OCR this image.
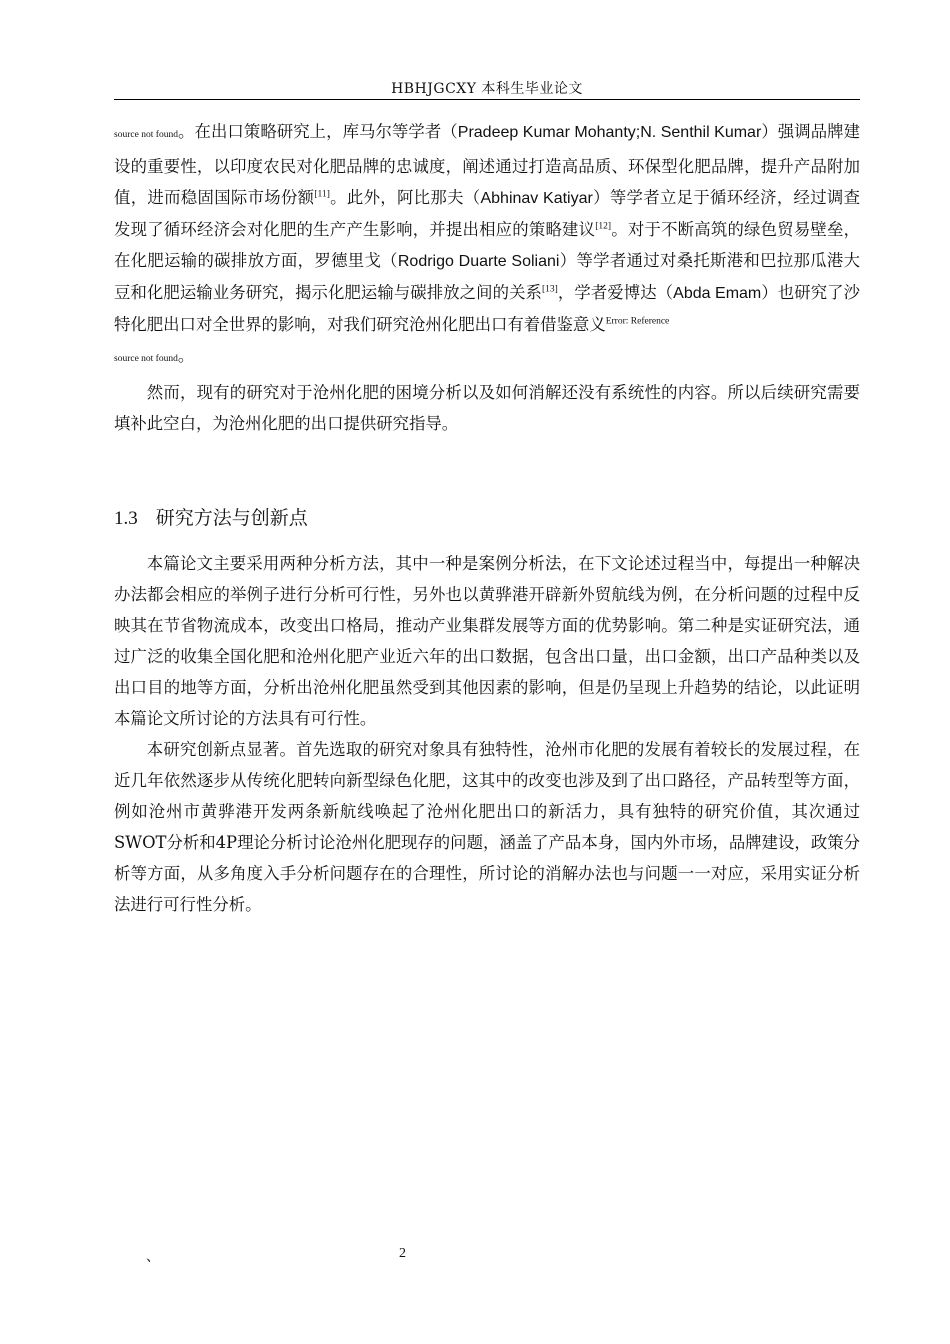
HBHJGCXY 本科生毕业论文

source not found。在出口策略研究上，库马尔等学者（Pradeep Kumar Mohanty;N. Senthil Kumar）强调品牌建设的重要性，以印度农民对化肥品牌的忠诚度，阐述通过打造高品质、环保型化肥品牌，提升产品附加值，进而稳固国际市场份额[11]。此外，阿比那夫（Abhinav Katiyar）等学者立足于循环经济，经过调查发现了循环经济会对化肥的生产产生影响，并提出相应的策略建议[12]。对于不断高筑的绿色贸易壁垒，在化肥运输的碳排放方面，罗德里戈（Rodrigo Duarte Soliani）等学者通过对桑托斯港和巴拉那瓜港大豆和化肥运输业务研究，揭示化肥运输与碳排放之间的关系[13]，学者爱博达（Abda Emam）也研究了沙特化肥出口对全世界的影响，对我们研究沧州化肥出口有着借鉴意义$^{Error: Reference}$
source not found。

然而，现有的研究对于沧州化肥的困境分析以及如何消解还没有系统性的内容。所以后续研究需要填补此空白，为沧州化肥的出口提供研究指导。

1.3 研究方法与创新点

本篇论文主要采用两种分析方法，其中一种是案例分析法，在下文论述过程当中，每提出一种解决办法都会相应的举例子进行分析可行性，另外也以黄骅港开辟新外贸航线为例，在分析问题的过程中反映其在节省物流成本，改变出口格局，推动产业集群发展等方面的优势影响。第二种是实证研究法，通过广泛的收集全国化肥和沧州化肥产业近六年的出口数据，包含出口量，出口金额，出口产品种类以及出口目的地等方面，分析出沧州化肥虽然受到其他因素的影响，但是仍呈现上升趋势的结论，以此证明本篇论文所讨论的方法具有可行性。

本研究创新点显著。首先选取的研究对象具有独特性，沧州市化肥的发展有着较长的发展过程，在近几年依然逐步从传统化肥转向新型绿色化肥，这其中的改变也涉及到了出口路径，产品转型等方面，例如沧州市黄骅港开发两条新航线唤起了沧州化肥出口的新活力，具有独特的研究价值，其次通过SWOT分析和4P理论分析讨论沧州化肥现存的问题，涵盖了产品本身，国内外市场，品牌建设，政策分析等方面，从多角度入手分析问题存在的合理性，所讨论的消解办法也与问题一一对应，采用实证分析法进行可行性分析。

、	2
